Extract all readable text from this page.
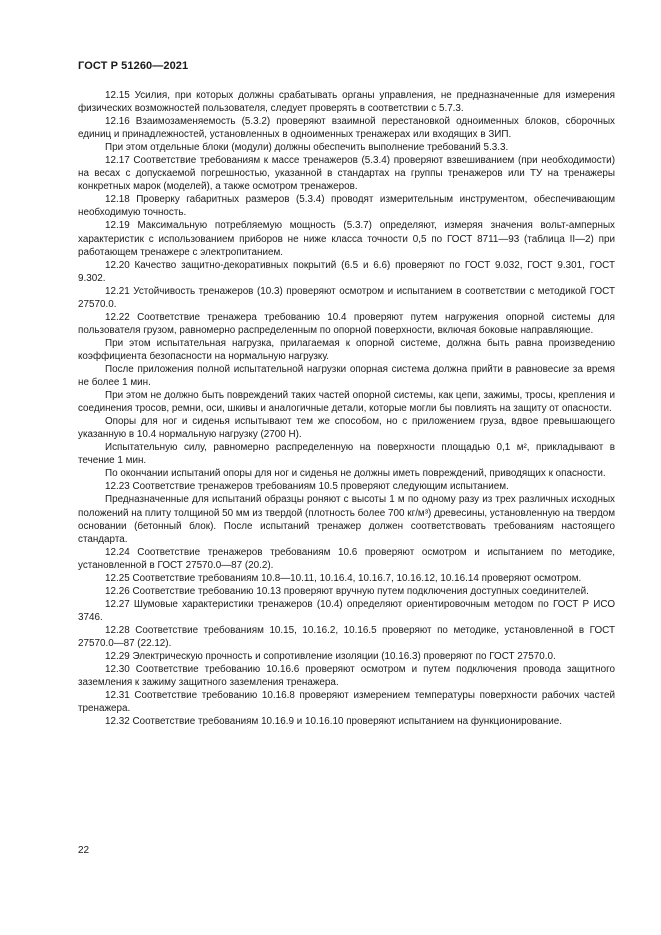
ГОСТ Р 51260—2021

12.15 Усилия, при которых должны срабатывать органы управления, не предназначенные для измерения физических возможностей пользователя, следует проверять в соответствии с 5.7.3.

12.16 Взаимозаменяемость (5.3.2) проверяют взаимной перестановкой одноименных блоков, сборочных единиц и принадлежностей, установленных в одноименных тренажерах или входящих в ЗИП.

При этом отдельные блоки (модули) должны обеспечить выполнение требований 5.3.3.

12.17 Соответствие требованиям к массе тренажеров (5.3.4) проверяют взвешиванием (при необходимости) на весах с допускаемой погрешностью, указанной в стандартах на группы тренажеров или ТУ на тренажеры конкретных марок (моделей), а также осмотром тренажеров.

12.18 Проверку габаритных размеров (5.3.4) проводят измерительным инструментом, обеспечивающим необходимую точность.

12.19 Максимальную потребляемую мощность (5.3.7) определяют, измеряя значения вольт-амперных характеристик с использованием приборов не ниже класса точности 0,5 по ГОСТ 8711—93 (таблица II—2) при работающем тренажере с электропитанием.

12.20 Качество защитно-декоративных покрытий (6.5 и 6.6) проверяют по ГОСТ 9.032, ГОСТ 9.301, ГОСТ 9.302.

12.21 Устойчивость тренажеров (10.3) проверяют осмотром и испытанием в соответствии с методикой ГОСТ 27570.0.

12.22 Соответствие тренажера требованию 10.4 проверяют путем нагружения опорной системы для пользователя грузом, равномерно распределенным по опорной поверхности, включая боковые направляющие.

При этом испытательная нагрузка, прилагаемая к опорной системе, должна быть равна произведению коэффициента безопасности на нормальную нагрузку.

После приложения полной испытательной нагрузки опорная система должна прийти в равновесие за время не более 1 мин.

При этом не должно быть повреждений таких частей опорной системы, как цепи, зажимы, тросы, крепления и соединения тросов, ремни, оси, шкивы и аналогичные детали, которые могли бы повлиять на защиту от опасности.

Опоры для ног и сиденья испытывают тем же способом, но с приложением груза, вдвое превышающего указанную в 10.4 нормальную нагрузку (2700 Н).

Испытательную силу, равномерно распределенную на поверхности площадью 0,1 м², прикладывают в течение 1 мин.

По окончании испытаний опоры для ног и сиденья не должны иметь повреждений, приводящих к опасности.

12.23 Соответствие тренажеров требованиям 10.5 проверяют следующим испытанием.

Предназначенные для испытаний образцы роняют с высоты 1 м по одному разу из трех различных исходных положений на плиту толщиной 50 мм из твердой (плотность более 700 кг/м³) древесины, установленную на твердом основании (бетонный блок). После испытаний тренажер должен соответствовать требованиям настоящего стандарта.

12.24 Соответствие тренажеров требованиям 10.6 проверяют осмотром и испытанием по методике, установленной в ГОСТ 27570.0—87 (20.2).

12.25 Соответствие требованиям 10.8—10.11, 10.16.4, 10.16.7, 10.16.12, 10.16.14 проверяют осмотром.

12.26 Соответствие требованию 10.13 проверяют вручную путем подключения доступных соединителей.

12.27 Шумовые характеристики тренажеров (10.4) определяют ориентировочным методом по ГОСТ Р ИСО 3746.

12.28 Соответствие требованиям 10.15, 10.16.2, 10.16.5 проверяют по методике, установленной в ГОСТ 27570.0—87 (22.12).

12.29 Электрическую прочность и сопротивление изоляции (10.16.3) проверяют по ГОСТ 27570.0.

12.30 Соответствие требованию 10.16.6 проверяют осмотром и путем подключения провода защитного заземления к зажиму защитного заземления тренажера.

12.31 Соответствие требованию 10.16.8 проверяют измерением температуры поверхности рабочих частей тренажера.

12.32 Соответствие требованиям 10.16.9 и 10.16.10 проверяют испытанием на функционирование.

22
